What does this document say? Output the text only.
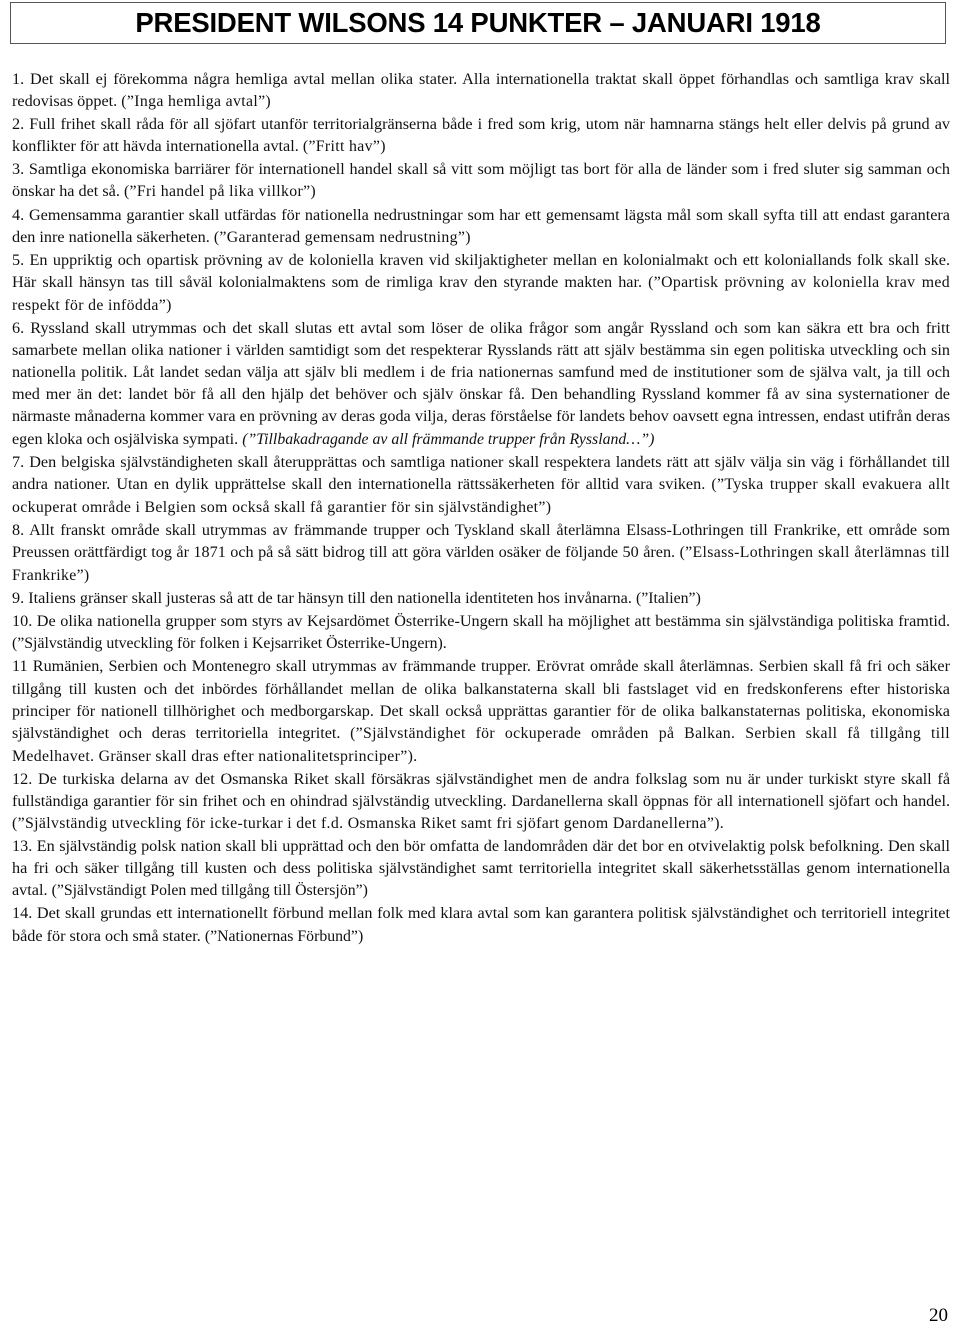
PRESIDENT WILSONS 14 PUNKTER – JANUARI 1918

1. Det skall ej förekomma några hemliga avtal mellan olika stater. Alla internationella traktat skall öppet förhandlas och samtliga krav skall redovisas öppet. (”Inga hemliga avtal”)

2. Full frihet skall råda för all sjöfart utanför territorialgränserna både i fred som krig, utom när hamnarna stängs helt eller delvis på grund av konflikter för att hävda internationella avtal. (”Fritt hav”)

3. Samtliga ekonomiska barriärer för internationell handel skall så vitt som möjligt tas bort för alla de länder som i fred sluter sig samman och önskar ha det så. (”Fri handel på lika villkor”)

4. Gemensamma garantier skall utfärdas för nationella nedrustningar som har ett gemensamt lägsta mål som skall syfta till att endast garantera den inre nationella säkerheten. (”Garanterad gemensam nedrustning”)

5. En uppriktig och opartisk prövning av de koloniella kraven vid skiljaktigheter mellan en kolonialmakt och ett koloniallands folk skall ske. Här skall hänsyn tas till såväl kolonialmaktens som de rimliga krav den styrande makten har. (”Opartisk prövning av koloniella krav med respekt för de infödda”)

6. Ryssland skall utrymmas och det skall slutas ett avtal som löser de olika frågor som angår Ryssland och som kan säkra ett bra och fritt samarbete mellan olika nationer i världen samtidigt som det respekterar Rysslands rätt att själv bestämma sin egen politiska utveckling och sin nationella politik. Låt landet sedan välja att själv bli medlem i de fria nationernas samfund med de institutioner som de själva valt, ja till och med mer än det: landet bör få all den hjälp det behöver och själv önskar få. Den behandling Ryssland kommer få av sina systernationer de närmaste månaderna kommer vara en prövning av deras goda vilja, deras förståelse för landets behov oavsett egna intressen, endast utifrån deras egen kloka och osjälviska sympati. (”Tillbakadragande av all främmande trupper från Ryssland…”)

7. Den belgiska självständigheten skall återupprättas och samtliga nationer skall respektera landets rätt att själv välja sin väg i förhållandet till andra nationer. Utan en dylik upprättelse skall den internationella rättssäkerheten för alltid vara sviken. (”Tyska trupper skall evakuera allt ockuperat område i Belgien som också skall få garantier för sin självständighet”)

8. Allt franskt område skall utrymmas av främmande trupper och Tyskland skall återlämna Elsass-Lothringen till Frankrike, ett område som Preussen orättfärdigt tog år 1871 och på så sätt bidrog till att göra världen osäker de följande 50 åren. (”Elsass-Lothringen skall återlämnas till Frankrike”)

9. Italiens gränser skall justeras så att de tar hänsyn till den nationella identiteten hos invånarna. (”Italien”)

10. De olika nationella grupper som styrs av Kejsardömet Österrike-Ungern skall ha möjlighet att bestämma sin självständiga politiska framtid. (”Självständig utveckling för folken i Kejsarriket Österrike-Ungern).

11 Rumänien, Serbien och Montenegro skall utrymmas av främmande trupper. Erövrat område skall återlämnas. Serbien skall få fri och säker tillgång till kusten och det inbördes förhållandet mellan de olika balkanstaterna skall bli fastslaget vid en fredskonferens efter historiska principer för nationell tillhörighet och medborgarskap. Det skall också upprättas garantier för de olika balkanstaternas politiska, ekonomiska självständighet och deras territoriella integritet. (”Självständighet för ockuperade områden på Balkan. Serbien skall få tillgång till Medelhavet. Gränser skall dras efter nationalitetsprinciper”).

12. De turkiska delarna av det Osmanska Riket skall försäkras självständighet men de andra folkslag som nu är under turkiskt styre skall få fullständiga garantier för sin frihet och en ohindrad självständig utveckling. Dardanellerna skall öppnas för all internationell sjöfart och handel. (”Självständig utveckling för icke-turkar i det f.d. Osmanska Riket samt fri sjöfart genom Dardanellerna”).

13. En självständig polsk nation skall bli upprättad och den bör omfatta de landområden där det bor en otvivelaktig polsk befolkning. Den skall ha fri och säker tillgång till kusten och dess politiska självständighet samt territoriella integritet skall säkerhetsställas genom internationella avtal. (”Självständigt Polen med tillgång till Östersjön”)

14. Det skall grundas ett internationellt förbund mellan folk med klara avtal som kan garantera politisk självständighet och territoriell integritet både för stora och små stater. (”Nationernas Förbund”)

20
